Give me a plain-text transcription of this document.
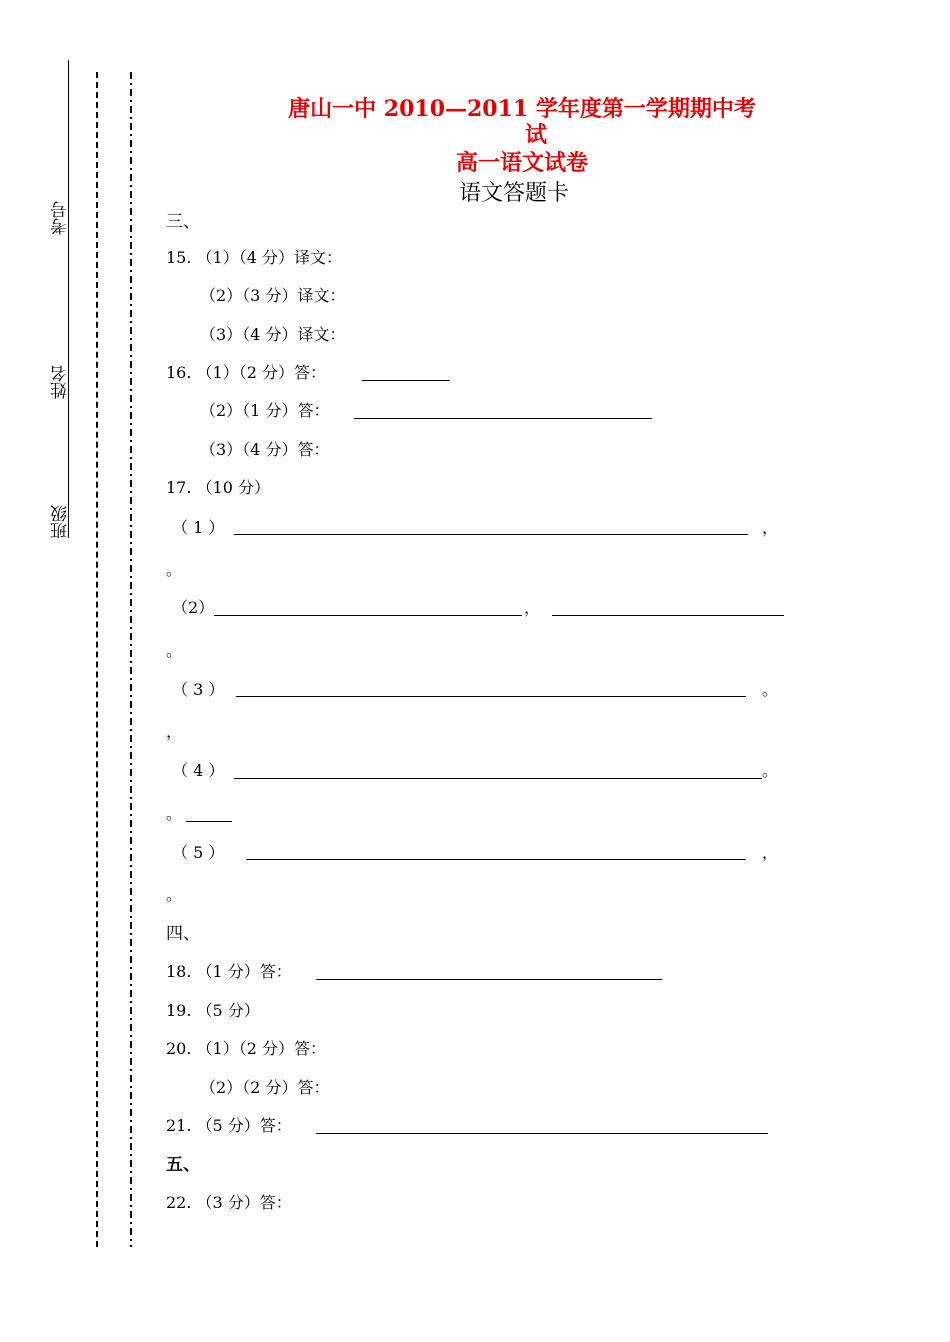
考号
姓名
班级
唐山一中 2010—2011 学年度第一学期期中考
试
高一语文试卷
语文答题卡
三、
15. （1）（4 分）译文：
（2）（3 分）译文：
（3）（4 分）译文：
16. （1）（2 分）答：
（2）（1 分）答：
（3）（4 分）答：
17. （10 分）
（ 1 ）	，
。
（2）	，
。
（ 3 ）	。
，
（ 4 ）	。
。
（ 5 ）	，
。
四、
18. （1 分）答：
19. （5 分）
20. （1）（2 分）答：
（2）（2 分）答：
21. （5 分）答：
五、
22. （3 分）答：
